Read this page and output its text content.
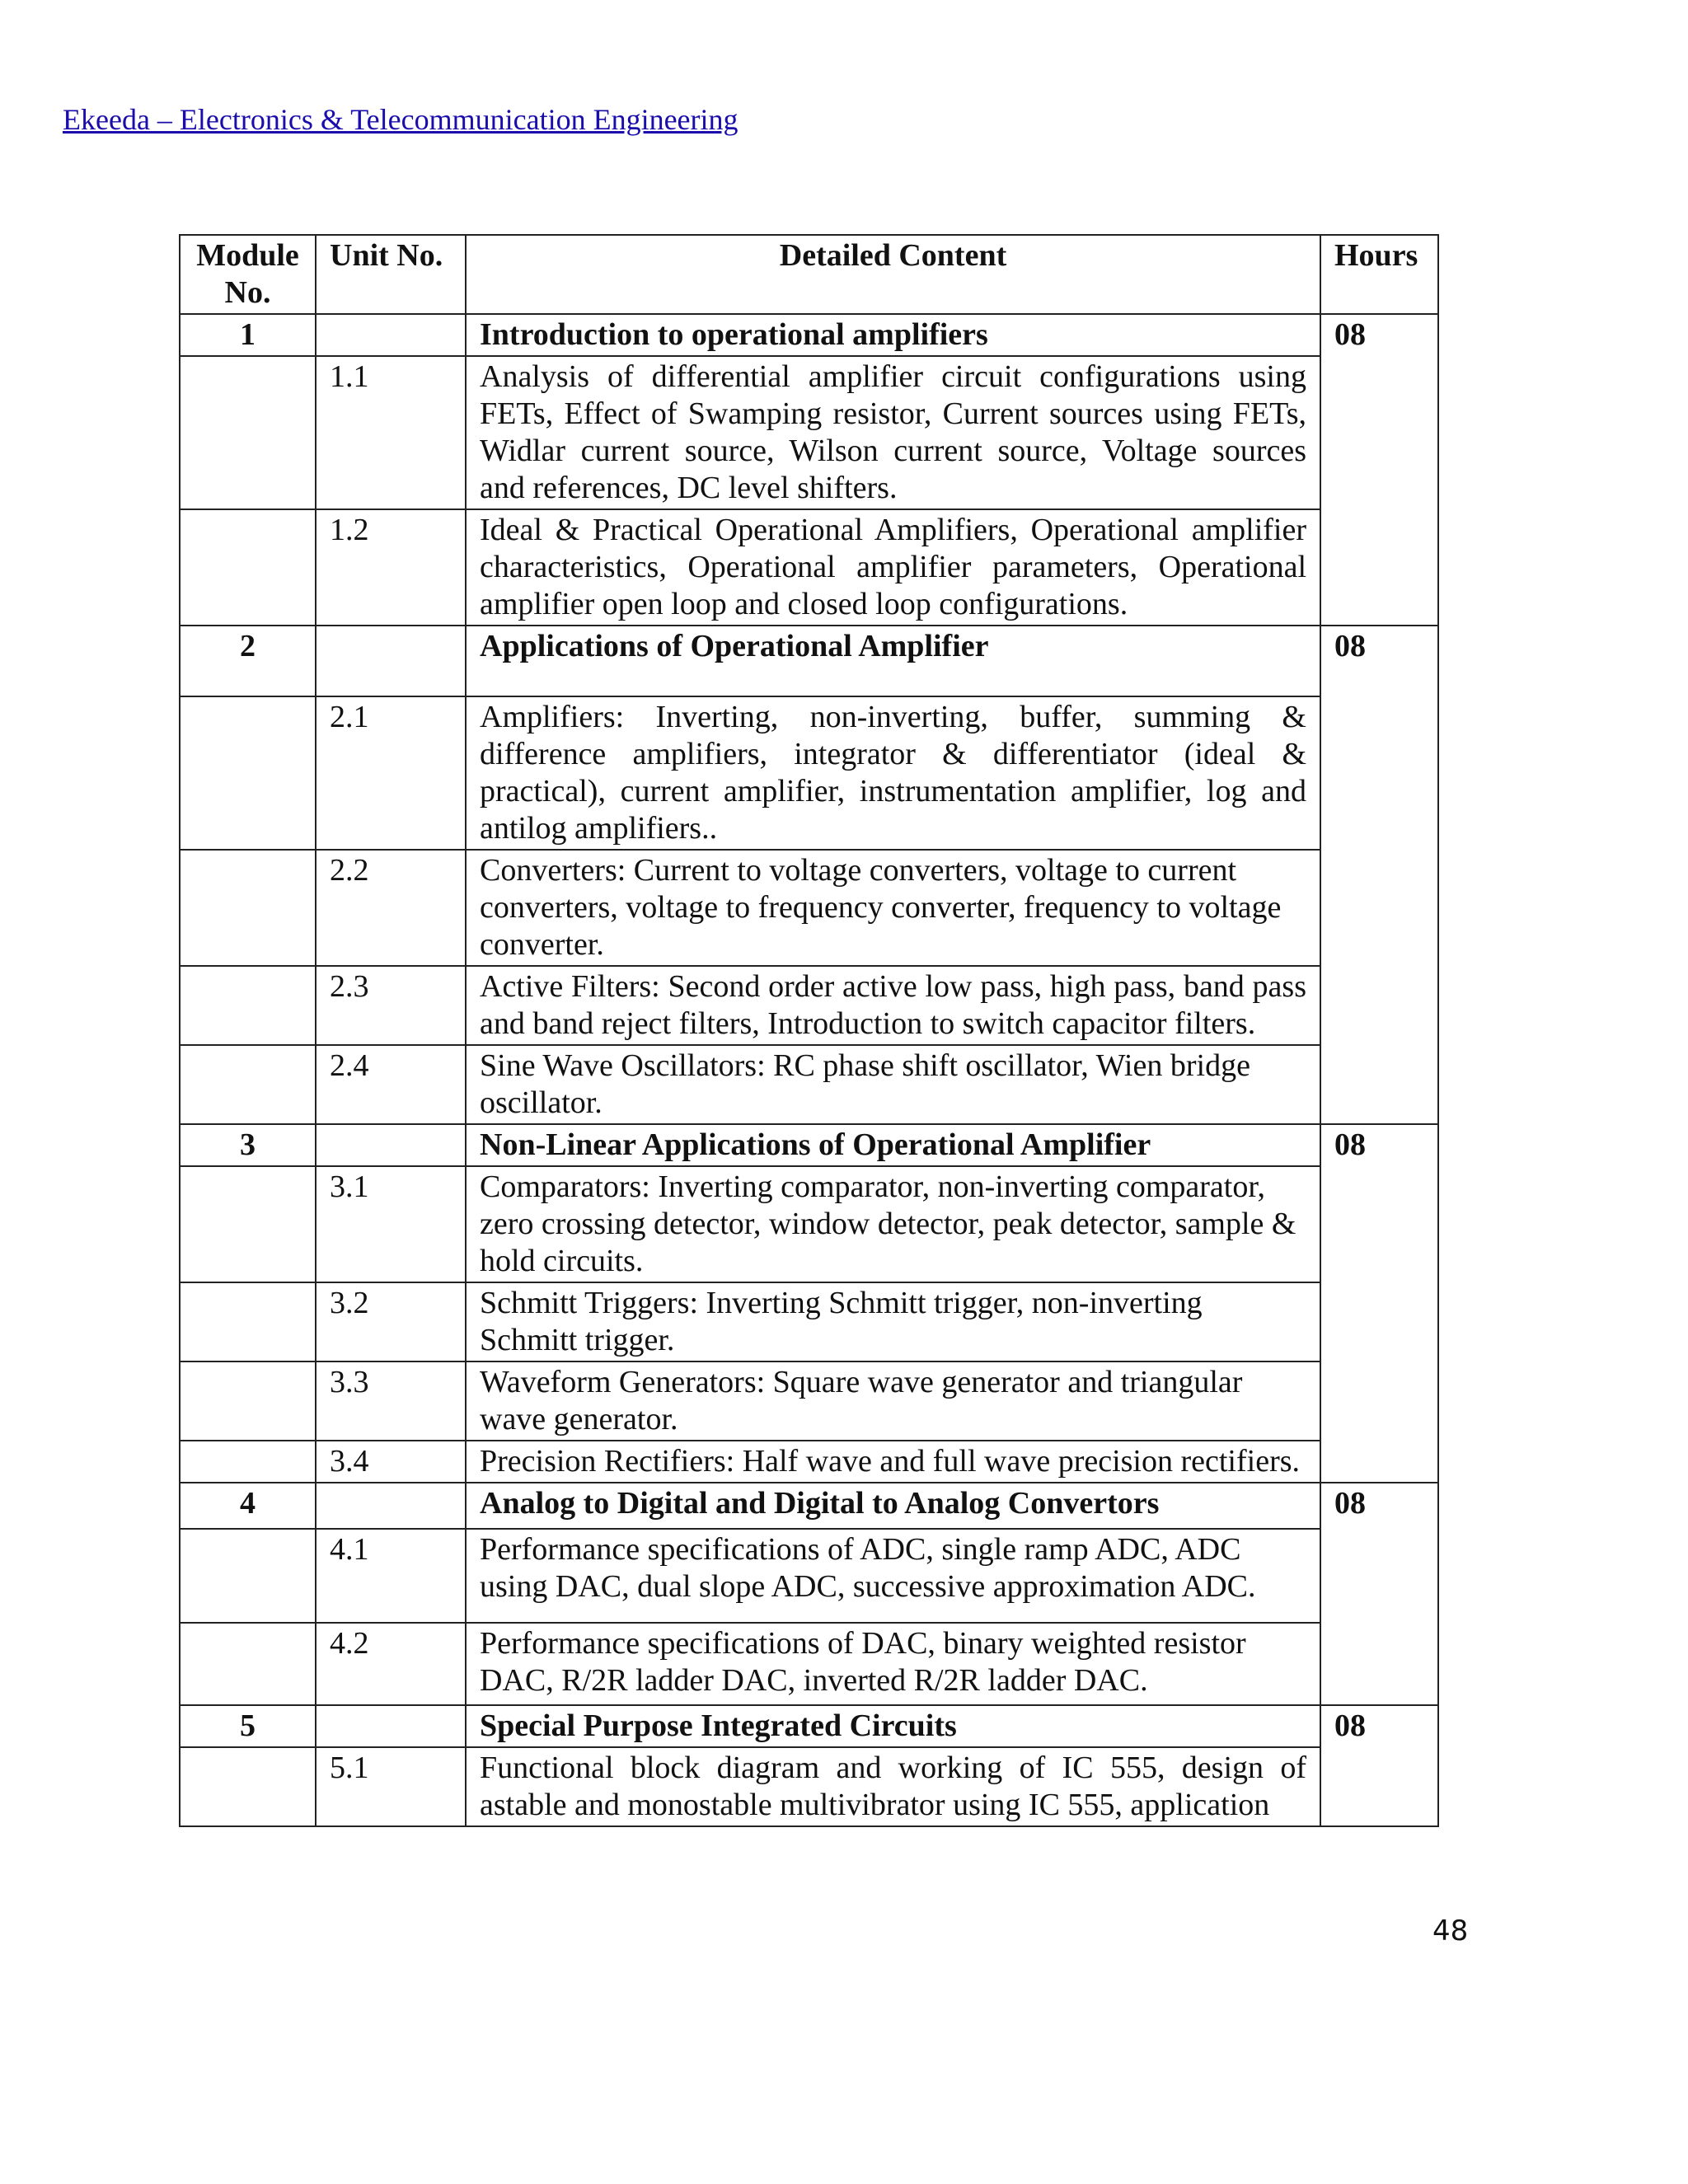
Ekeeda – Electronics & Telecommunication Engineering
Module No.	Unit No.	Detailed Content	Hours
1		Introduction to operational amplifiers	08
	1.1	Analysis of differential amplifier circuit configurations using FETs, Effect of Swamping resistor, Current sources using FETs, Widlar current source, Wilson current source, Voltage sources and references, DC level shifters.	
	1.2	Ideal & Practical Operational Amplifiers, Operational amplifier characteristics, Operational amplifier parameters, Operational amplifier open loop and closed loop configurations.	
2		Applications of Operational Amplifier	08
	2.1	Amplifiers: Inverting, non-inverting, buffer, summing & difference amplifiers, integrator & differentiator (ideal & practical), current amplifier, instrumentation amplifier, log and antilog amplifiers..	
	2.2	Converters: Current to voltage converters, voltage to current converters, voltage to frequency converter, frequency to voltage converter.	
	2.3	Active Filters: Second order active low pass, high pass, band pass and band reject filters, Introduction to switch capacitor filters.	
	2.4	Sine Wave Oscillators: RC phase shift oscillator, Wien bridge oscillator.	
3		Non-Linear Applications of Operational Amplifier	08
	3.1	Comparators: Inverting comparator, non-inverting comparator, zero crossing detector, window detector, peak detector, sample & hold circuits.	
	3.2	Schmitt Triggers: Inverting Schmitt trigger, non-inverting Schmitt trigger.	
	3.3	Waveform Generators: Square wave generator and triangular wave generator.	
	3.4	Precision Rectifiers: Half wave and full wave precision rectifiers.	
4		Analog to Digital and Digital to Analog Convertors	08
	4.1	Performance specifications of ADC, single ramp ADC, ADC using DAC, dual slope ADC, successive approximation ADC.	
	4.2	Performance specifications of DAC, binary weighted resistor DAC, R/2R ladder DAC, inverted R/2R ladder DAC.	
5		Special Purpose Integrated Circuits	08
	5.1	Functional block diagram and working of IC 555, design of astable and monostable multivibrator using IC 555, application	
48
